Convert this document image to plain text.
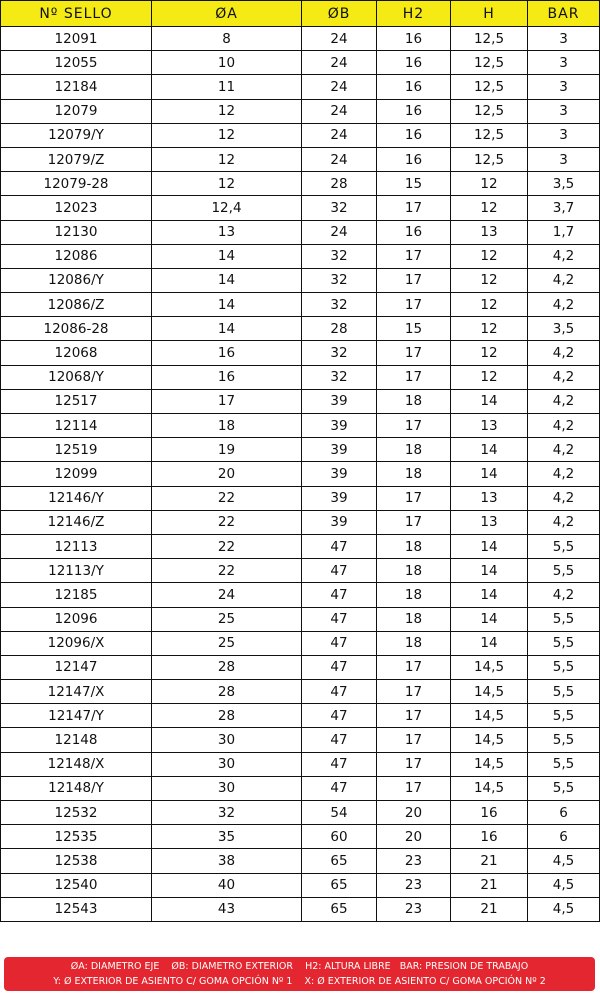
Nº SELLO	ØA	ØB	H2	H	BAR
12091	8	24	16	12,5	3
12055	10	24	16	12,5	3
12184	11	24	16	12,5	3
12079	12	24	16	12,5	3
12079/Y	12	24	16	12,5	3
12079/Z	12	24	16	12,5	3
12079-28	12	28	15	12	3,5
12023	12,4	32	17	12	3,7
12130	13	24	16	13	1,7
12086	14	32	17	12	4,2
12086/Y	14	32	17	12	4,2
12086/Z	14	32	17	12	4,2
12086-28	14	28	15	12	3,5
12068	16	32	17	12	4,2
12068/Y	16	32	17	12	4,2
12517	17	39	18	14	4,2
12114	18	39	17	13	4,2
12519	19	39	18	14	4,2
12099	20	39	18	14	4,2
12146/Y	22	39	17	13	4,2
12146/Z	22	39	17	13	4,2
12113	22	47	18	14	5,5
12113/Y	22	47	18	14	5,5
12185	24	47	18	14	4,2
12096	25	47	18	14	5,5
12096/X	25	47	18	14	5,5
12147	28	47	17	14,5	5,5
12147/X	28	47	17	14,5	5,5
12147/Y	28	47	17	14,5	5,5
12148	30	47	17	14,5	5,5
12148/X	30	47	17	14,5	5,5
12148/Y	30	47	17	14,5	5,5
12532	32	54	20	16	6
12535	35	60	20	16	6
12538	38	65	23	21	4,5
12540	40	65	23	21	4,5
12543	43	65	23	21	4,5
ØA: DIAMETRO EJE    ØB: DIAMETRO EXTERIOR    H2: ALTURA LIBRE   BAR: PRESION DE TRABAJO
Y: Ø EXTERIOR DE ASIENTO C/ GOMA OPCIÓN Nº 1    X: Ø EXTERIOR DE ASIENTO C/ GOMA OPCIÓN Nº 2
